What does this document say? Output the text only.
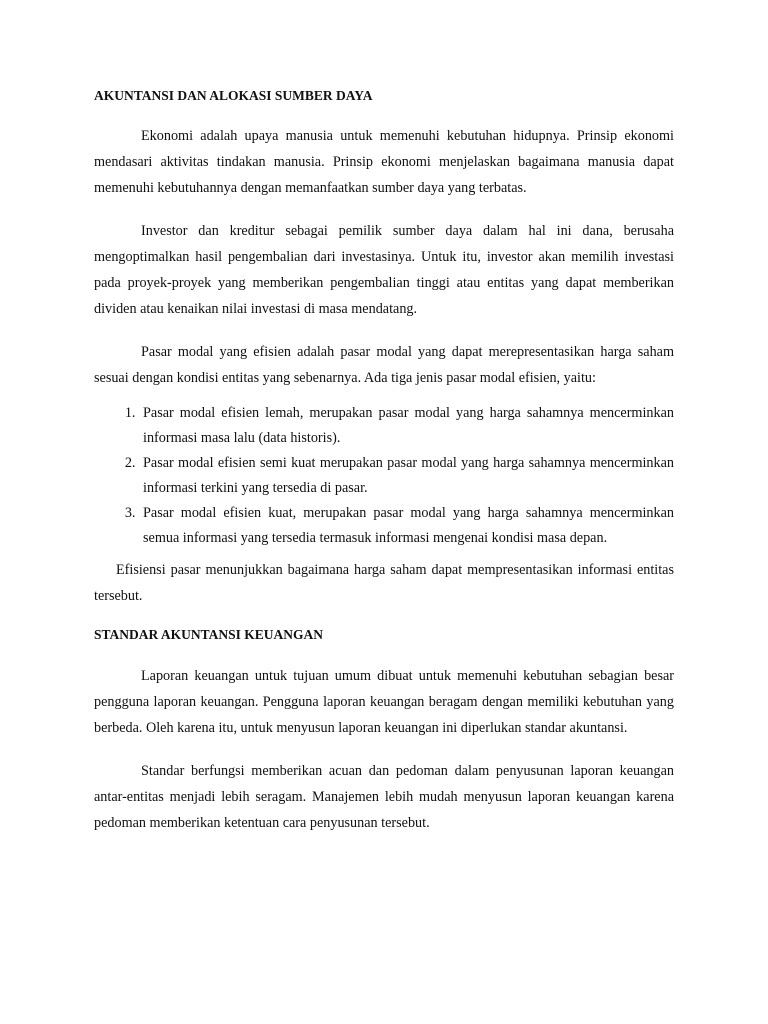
AKUNTANSI DAN ALOKASI SUMBER DAYA

Ekonomi adalah upaya manusia untuk memenuhi kebutuhan hidupnya. Prinsip ekonomi mendasari aktivitas tindakan manusia. Prinsip ekonomi menjelaskan bagaimana manusia dapat memenuhi kebutuhannya dengan memanfaatkan sumber daya yang terbatas.

Investor dan kreditur sebagai pemilik sumber daya dalam hal ini dana, berusaha mengoptimalkan hasil pengembalian dari investasinya. Untuk itu, investor akan memilih investasi pada proyek-proyek yang memberikan pengembalian tinggi atau entitas yang dapat memberikan dividen atau kenaikan nilai investasi di masa mendatang.

Pasar modal yang efisien adalah pasar modal yang dapat merepresentasikan harga saham sesuai dengan kondisi entitas yang sebenarnya. Ada tiga jenis pasar modal efisien, yaitu:

1. Pasar modal efisien lemah, merupakan pasar modal yang harga sahamnya mencerminkan informasi masa lalu (data historis).
2. Pasar modal efisien semi kuat merupakan pasar modal yang harga sahamnya mencerminkan informasi terkini yang tersedia di pasar.
3. Pasar modal efisien kuat, merupakan pasar modal yang harga sahamnya mencerminkan semua informasi yang tersedia termasuk informasi mengenai kondisi masa depan.

Efisiensi pasar menunjukkan bagaimana harga saham dapat mempresentasikan informasi entitas tersebut.

STANDAR AKUNTANSI KEUANGAN

Laporan keuangan untuk tujuan umum dibuat untuk memenuhi kebutuhan sebagian besar pengguna laporan keuangan. Pengguna laporan keuangan beragam dengan memiliki kebutuhan yang berbeda. Oleh karena itu, untuk menyusun laporan keuangan ini diperlukan standar akuntansi.

Standar berfungsi memberikan acuan dan pedoman dalam penyusunan laporan keuangan antar-entitas menjadi lebih seragam. Manajemen lebih mudah menyusun laporan keuangan karena pedoman memberikan ketentuan cara penyusunan tersebut.
